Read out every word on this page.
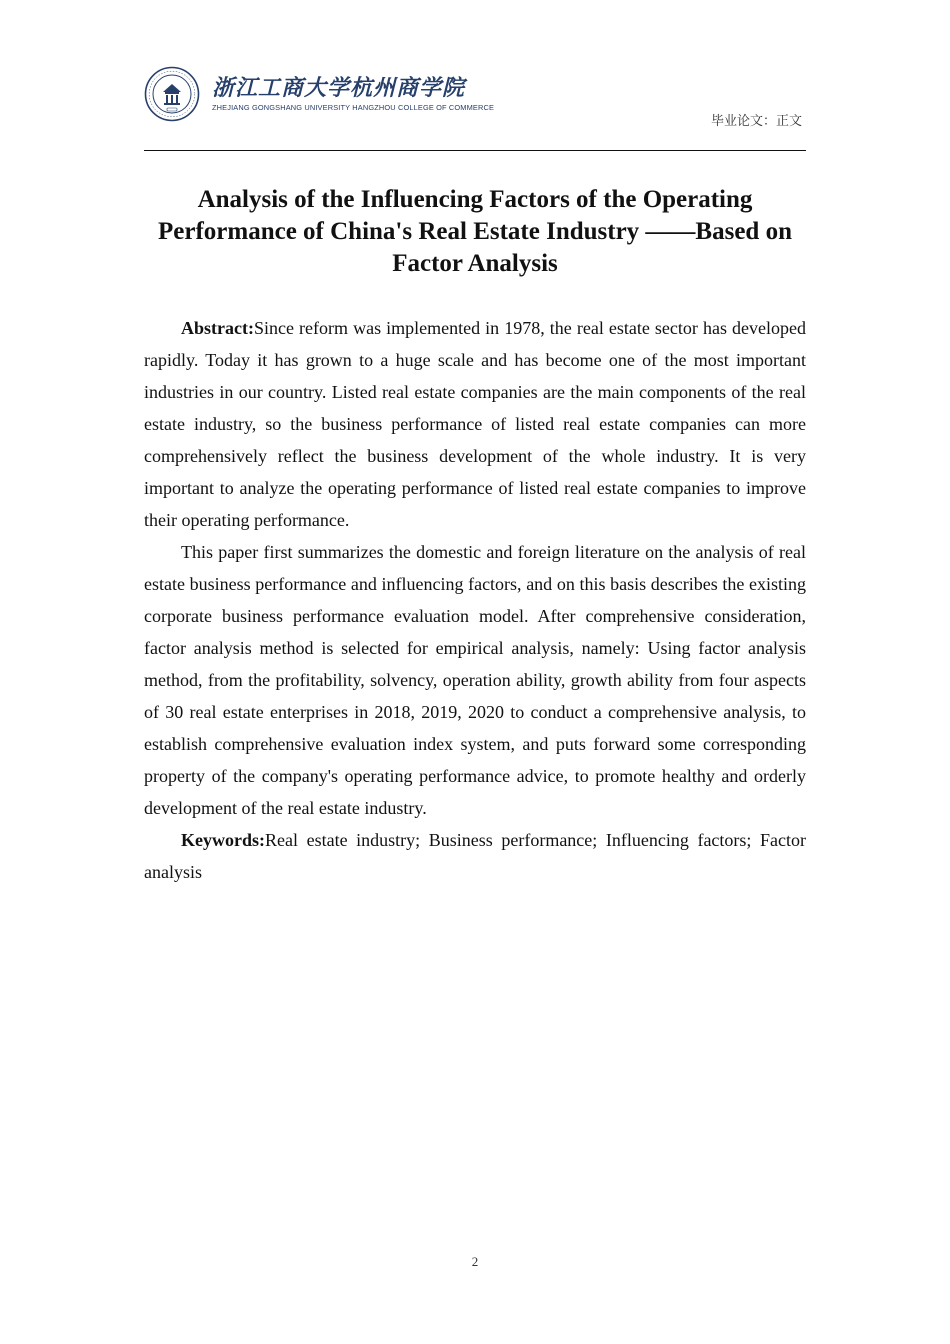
浙江工商大学杭州商学院
ZHEJIANG GONGSHANG UNIVERSITY HANGZHOU COLLEGE OF COMMERCE
毕业论文：正文
Analysis of the Influencing Factors of the Operating
Performance of China's Real Estate Industry ——Based on
Factor Analysis

Abstract:Since reform was implemented in 1978, the real estate sector has developed rapidly. Today it has grown to a huge scale and has become one of the most important industries in our country. Listed real estate companies are the main components of the real estate industry, so the business performance of listed real estate companies can more comprehensively reflect the business development of the whole industry. It is very important to analyze the operating performance of listed real estate companies to improve their operating performance.

This paper first summarizes the domestic and foreign literature on the analysis of real estate business performance and influencing factors, and on this basis describes the existing corporate business performance evaluation model. After comprehensive consideration, factor analysis method is selected for empirical analysis, namely: Using factor analysis method, from the profitability, solvency, operation ability, growth ability from four aspects of 30 real estate enterprises in 2018, 2019, 2020 to conduct a comprehensive analysis, to establish comprehensive evaluation index system, and puts forward some corresponding property of the company's operating performance advice, to promote healthy and orderly development of the real estate industry.

Keywords:Real estate industry; Business performance; Influencing factors; Factor analysis

2
